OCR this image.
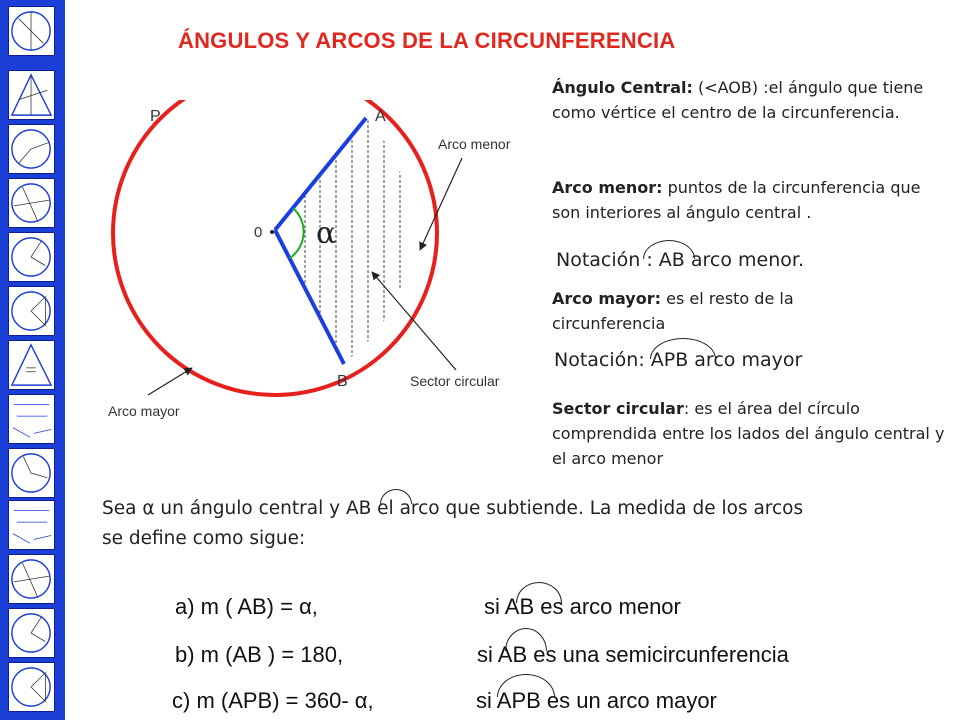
ÁNGULOS Y ARCOS DE LA CIRCUNFERENCIA
P	A
B
0 α
Arco menor
Sector circular
Arco mayor
Ángulo Central: (<AOB) :el ángulo que tiene como vértice el centro de la circunferencia.
Arco menor: puntos de la circunferencia que son interiores al ángulo central .
Notación : AB arco menor.
Arco mayor: es el resto de la circunferencia
Notación: APB arco mayor
Sector circular: es el área del círculo comprendida entre los lados del ángulo central y el arco menor
Sea α un ángulo central y AB el arco que subtiende. La medida de los arcos se define como sigue:
a) m ( AB) = α,	si AB es arco menor
b) m (AB ) = 180,	si AB es una semicircunferencia
c) m (APB) = 360- α,	si APB es un arco mayor
